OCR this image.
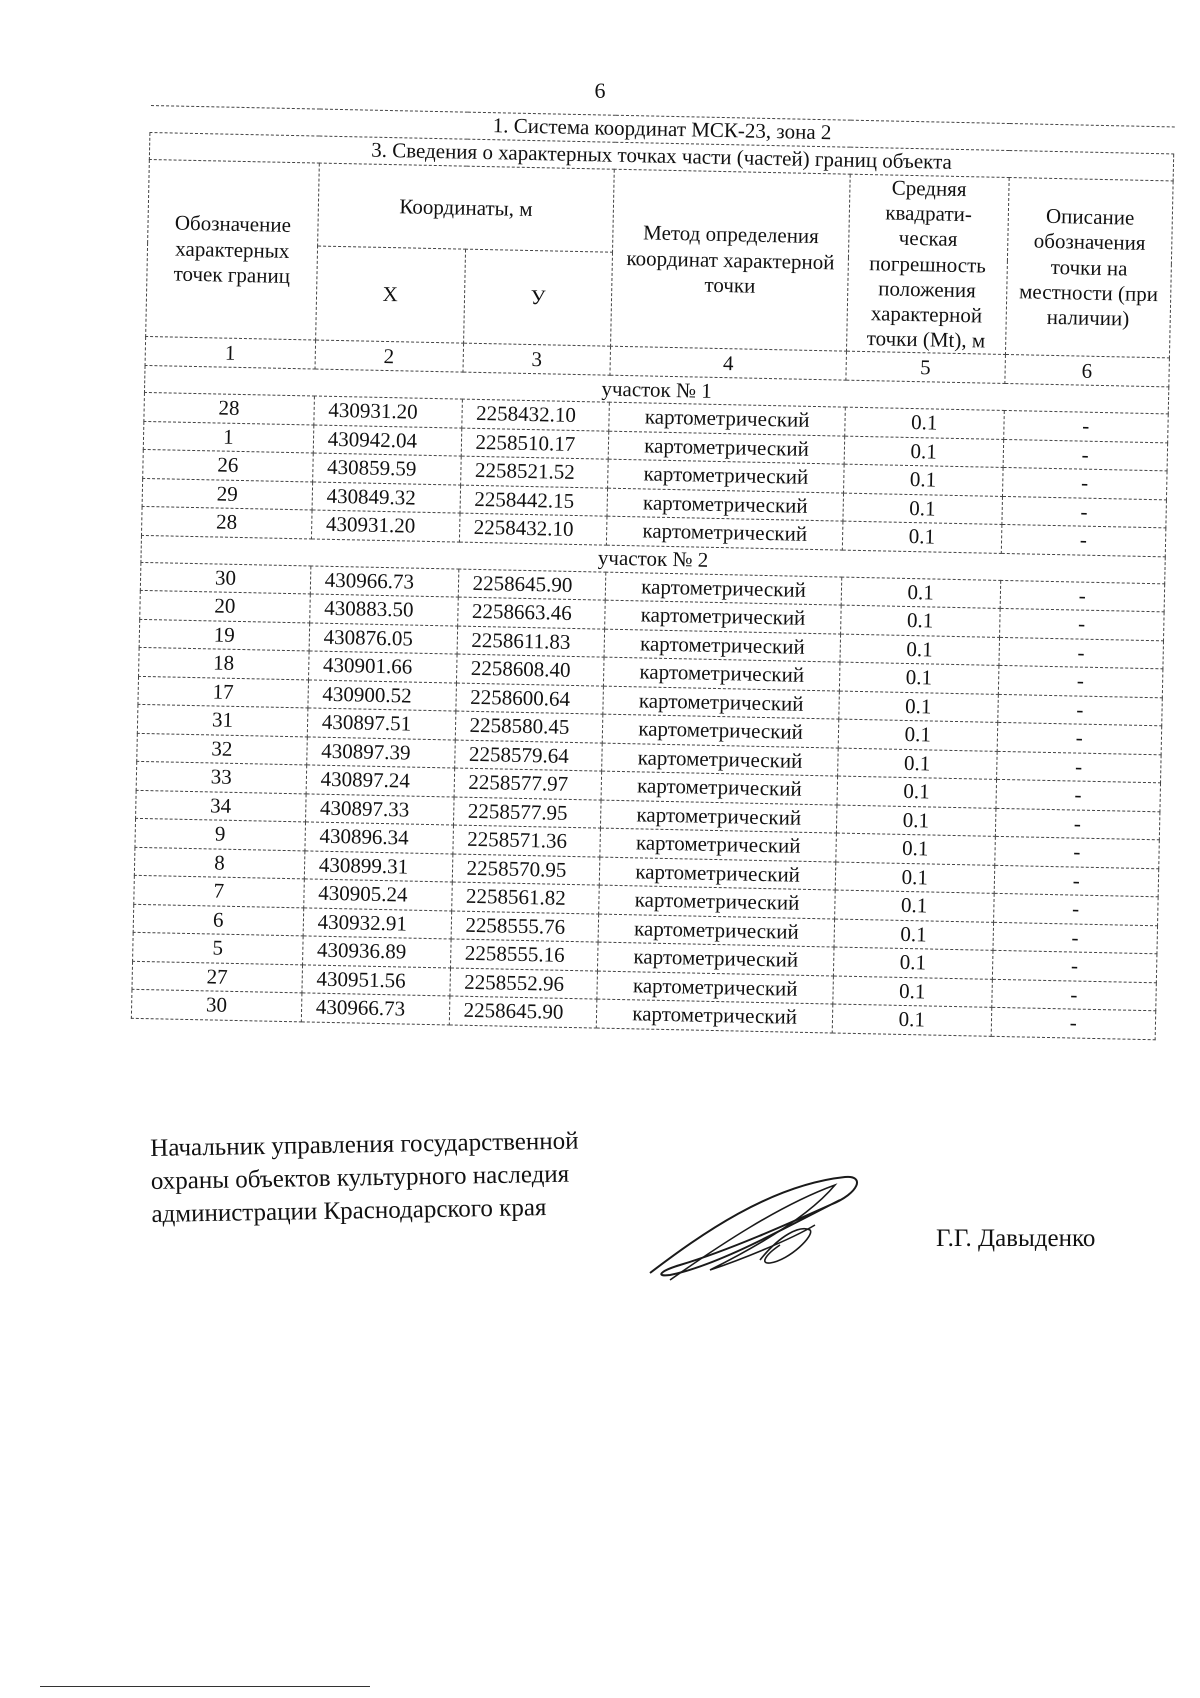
6
1. Система координат МСК-23, зона 2					
3. Сведения о характерных точках части (частей) границ объекта					
Обозначение характерных точек границ	Координаты, м		Метод определения координат характерной точки	Средняя квадрати- ческая погрешность положения характерной точки (Mt), м	Описание обозначения точки на местности (при наличии)
	X	У			
1	2	3	4	5	6
участок № 1					
28	430931.20	2258432.10	картометрический	0.1	-
1	430942.04	2258510.17	картометрический	0.1	-
26	430859.59	2258521.52	картометрический	0.1	-
29	430849.32	2258442.15	картометрический	0.1	-
28	430931.20	2258432.10	картометрический	0.1	-
участок № 2					
30	430966.73	2258645.90	картометрический	0.1	-
20	430883.50	2258663.46	картометрический	0.1	-
19	430876.05	2258611.83	картометрический	0.1	-
18	430901.66	2258608.40	картометрический	0.1	-
17	430900.52	2258600.64	картометрический	0.1	-
31	430897.51	2258580.45	картометрический	0.1	-
32	430897.39	2258579.64	картометрический	0.1	-
33	430897.24	2258577.97	картометрический	0.1	-
34	430897.33	2258577.95	картометрический	0.1	-
9	430896.34	2258571.36	картометрический	0.1	-
8	430899.31	2258570.95	картометрический	0.1	-
7	430905.24	2258561.82	картометрический	0.1	-
6	430932.91	2258555.76	картометрический	0.1	-
5	430936.89	2258555.16	картометрический	0.1	-
27	430951.56	2258552.96	картометрический	0.1	-
30	430966.73	2258645.90	картометрический	0.1	-
Начальник управления государственной
охраны объектов культурного наследия
администрации Краснодарского края
Г.Г. Давыденко
